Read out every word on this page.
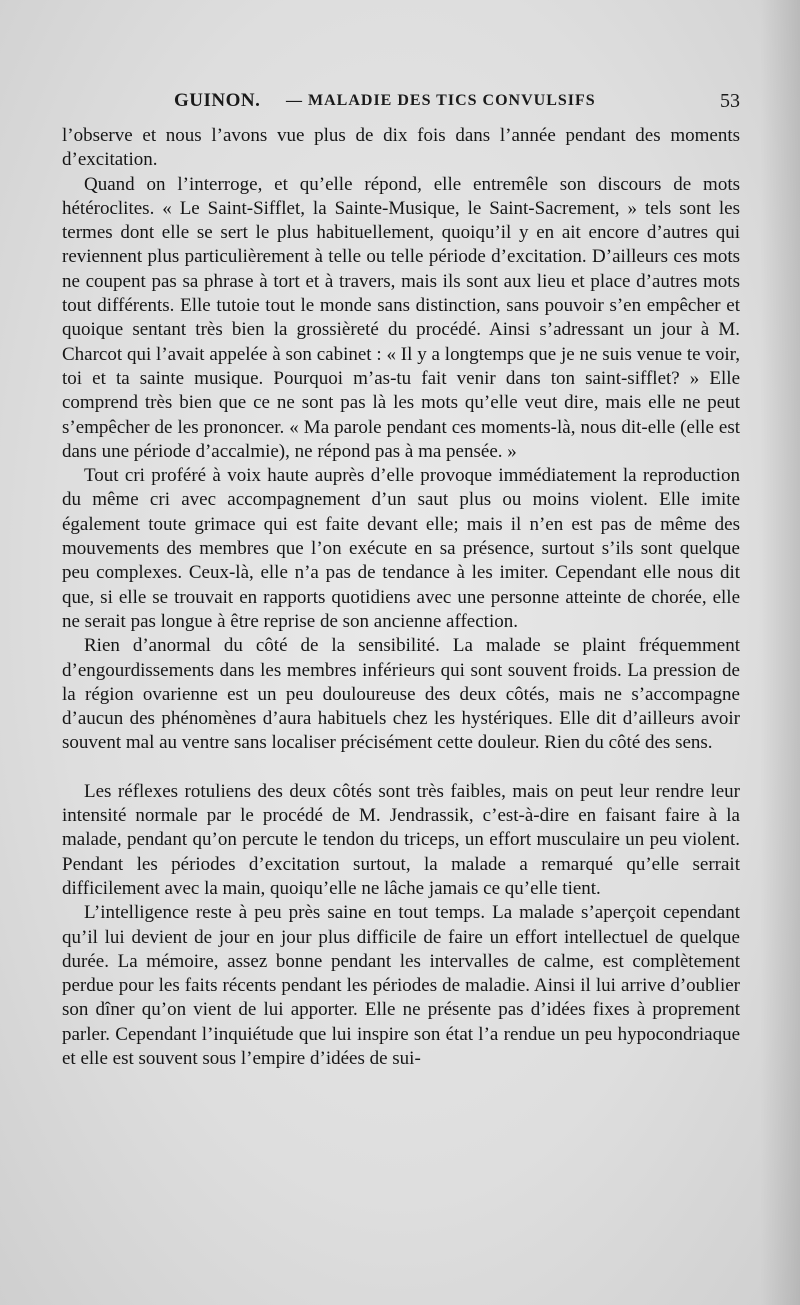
GUINON. — MALADIE DES TICS CONVULSIFS	53

l’observe et nous l’avons vue plus de dix fois dans l’année pendant des moments d’excitation.

Quand on l’interroge, et qu’elle répond, elle entremêle son discours de mots hétéroclites. « Le Saint-Sifflet, la Sainte-Musique, le Saint-Sacrement, » tels sont les termes dont elle se sert le plus habituellement, quoiqu’il y en ait encore d’autres qui reviennent plus particulièrement à telle ou telle période d’excitation. D’ailleurs ces mots ne coupent pas sa phrase à tort et à travers, mais ils sont aux lieu et place d’autres mots tout différents. Elle tutoie tout le monde sans distinction, sans pouvoir s’en empêcher et quoique sentant très bien la grossièreté du procédé. Ainsi s’adressant un jour à M. Charcot qui l’avait appelée à son cabinet : « Il y a longtemps que je ne suis venue te voir, toi et ta sainte musique. Pourquoi m’as-tu fait venir dans ton saint-sifflet? » Elle comprend très bien que ce ne sont pas là les mots qu’elle veut dire, mais elle ne peut s’empêcher de les prononcer. « Ma parole pendant ces moments-là, nous dit-elle (elle est dans une période d’accalmie), ne répond pas à ma pensée. »

Tout cri proféré à voix haute auprès d’elle provoque immédiatement la reproduction du même cri avec accompagnement d’un saut plus ou moins violent. Elle imite également toute grimace qui est faite devant elle; mais il n’en est pas de même des mouvements des membres que l’on exécute en sa présence, surtout s’ils sont quelque peu complexes. Ceux-là, elle n’a pas de tendance à les imiter. Cependant elle nous dit que, si elle se trouvait en rapports quotidiens avec une personne atteinte de chorée, elle ne serait pas longue à être reprise de son ancienne affection.

Rien d’anormal du côté de la sensibilité. La malade se plaint fréquemment d’engourdissements dans les membres inférieurs qui sont souvent froids. La pression de la région ovarienne est un peu douloureuse des deux côtés, mais ne s’accompagne d’aucun des phénomènes d’aura habituels chez les hystériques. Elle dit d’ailleurs avoir souvent mal au ventre sans localiser précisément cette douleur. Rien du côté des sens.

Les réflexes rotuliens des deux côtés sont très faibles, mais on peut leur rendre leur intensité normale par le procédé de M. Jendrassik, c’est-à-dire en faisant faire à la malade, pendant qu’on percute le tendon du triceps, un effort musculaire un peu violent. Pendant les périodes d’excitation surtout, la malade a remarqué qu’elle serrait difficilement avec la main, quoiqu’elle ne lâche jamais ce qu’elle tient.

L’intelligence reste à peu près saine en tout temps. La malade s’aperçoit cependant qu’il lui devient de jour en jour plus difficile de faire un effort intellectuel de quelque durée. La mémoire, assez bonne pendant les intervalles de calme, est complètement perdue pour les faits récents pendant les périodes de maladie. Ainsi il lui arrive d’oublier son dîner qu’on vient de lui apporter. Elle ne présente pas d’idées fixes à proprement parler. Cependant l’inquiétude que lui inspire son état l’a rendue un peu hypocondriaque et elle est souvent sous l’empire d’idées de sui-
